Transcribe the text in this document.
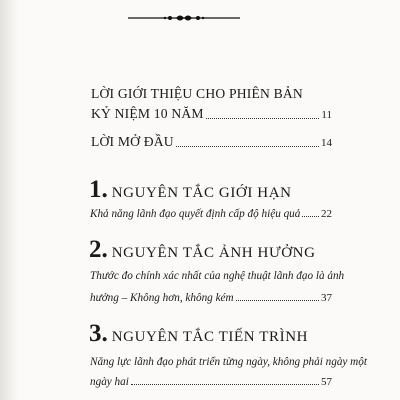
LỜI GIỚI THIỆU CHO PHIÊN BẢN
KỶ NIỆM 10 NĂM	11
LỜI MỞ ĐẦU	14
1. NGUYÊN TẮC GIỚI HẠN
Khả năng lãnh đạo quyết định cấp độ hiệu quả 22
2. NGUYÊN TẮC ẢNH HƯỞNG
Thước đo chính xác nhất của nghệ thuật lãnh đạo là ảnh
hưởng – Không hơn, không kém	37
3. NGUYÊN TẮC TIẾN TRÌNH
Năng lực lãnh đạo phát triển từng ngày, không phải ngày một
ngày hai	57
